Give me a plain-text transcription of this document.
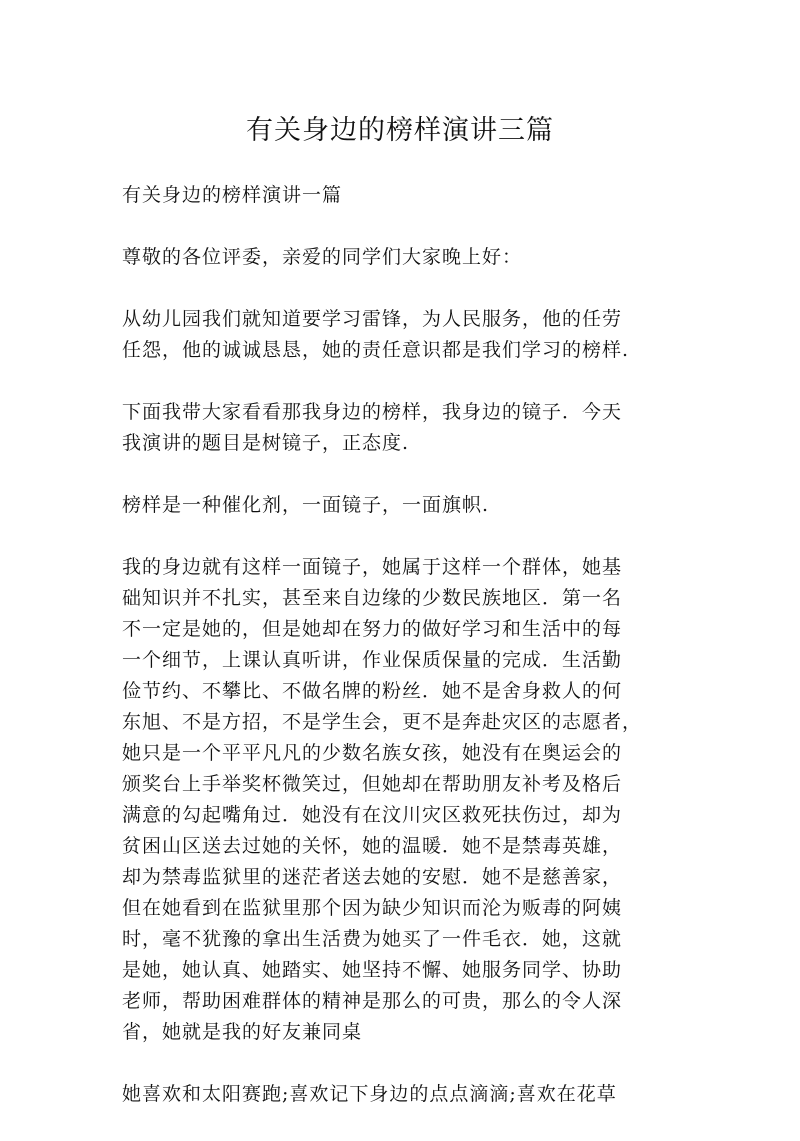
有关身边的榜样演讲三篇

有关身边的榜样演讲一篇

尊敬的各位评委，亲爱的同学们大家晚上好：

从幼儿园我们就知道要学习雷锋，为人民服务，他的任劳
任怨，他的诚诚恳恳，她的责任意识都是我们学习的榜样.

下面我带大家看看那我身边的榜样，我身边的镜子．今天
我演讲的题目是树镜子，正态度.

榜样是一种催化剂，一面镜子，一面旗帜.

我的身边就有这样一面镜子，她属于这样一个群体，她基
础知识并不扎实，甚至来自边缘的少数民族地区．第一名
不一定是她的，但是她却在努力的做好学习和生活中的每
一个细节，上课认真听讲，作业保质保量的完成．生活勤
俭节约、不攀比、不做名牌的粉丝．她不是舍身救人的何
东旭、不是方招，不是学生会，更不是奔赴灾区的志愿者，
她只是一个平平凡凡的少数名族女孩，她没有在奥运会的
颁奖台上手举奖杯微笑过，但她却在帮助朋友补考及格后
满意的勾起嘴角过．她没有在汶川灾区救死扶伤过，却为
贫困山区送去过她的关怀，她的温暖．她不是禁毒英雄，
却为禁毒监狱里的迷茫者送去她的安慰．她不是慈善家，
但在她看到在监狱里那个因为缺少知识而沦为贩毒的阿姨
时，毫不犹豫的拿出生活费为她买了一件毛衣．她，这就
是她，她认真、她踏实、她坚持不懈、她服务同学、协助
老师，帮助困难群体的精神是那么的可贵，那么的令人深
省，她就是我的好友兼同桌

她喜欢和太阳赛跑;喜欢记下身边的点点滴滴;喜欢在花草
